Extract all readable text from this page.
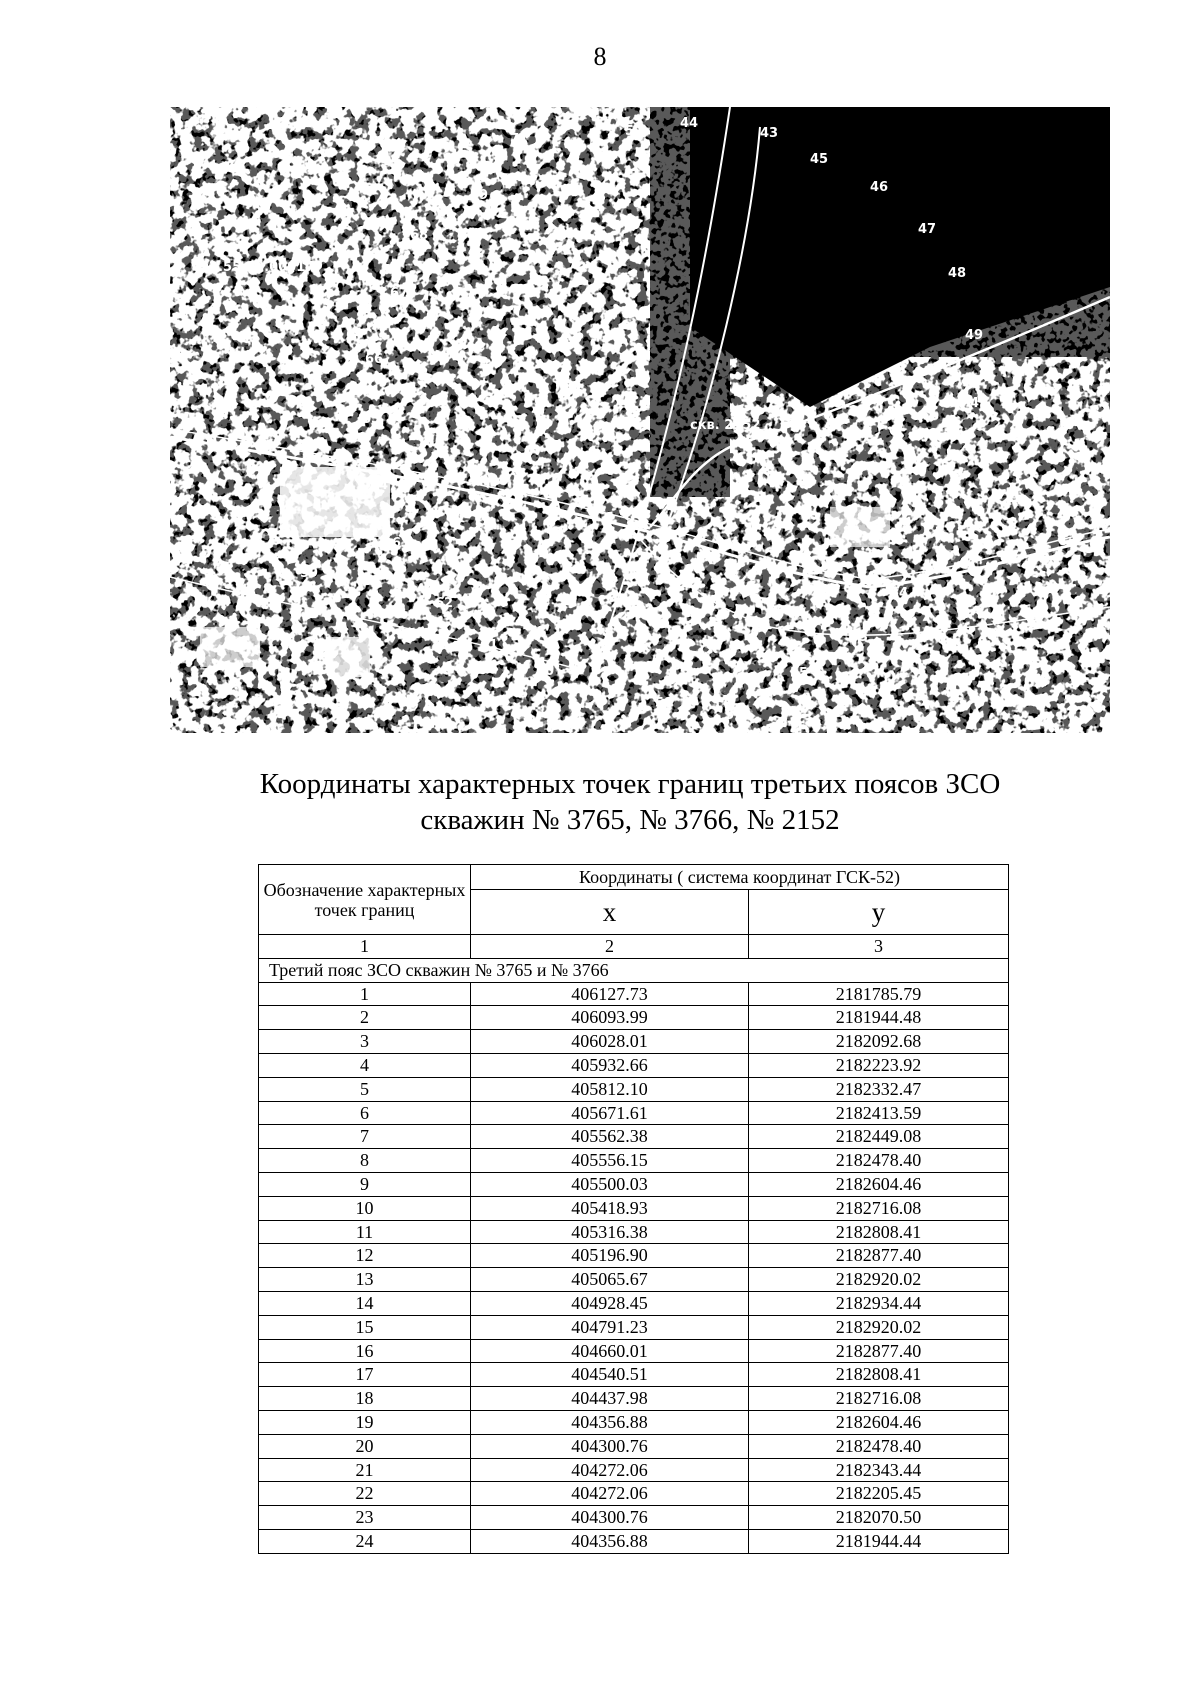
8
92.55.00.00017
скв. 2152
71
52
44
43
45
46
47
48
49
69
67
68
66
65
64
63
62
61
60
58
57
55
53
54
41
59
Координаты характерных точек границ третьих поясов ЗСО
скважин № 3765, № 3766, № 2152
Обозначение характерных точек границ	Координаты ( система координат ГСК-52)	
	x	y
1	2	3
Третий пояс ЗСО скважин № 3765 и № 3766		
1	406127.73	2181785.79
2	406093.99	2181944.48
3	406028.01	2182092.68
4	405932.66	2182223.92
5	405812.10	2182332.47
6	405671.61	2182413.59
7	405562.38	2182449.08
8	405556.15	2182478.40
9	405500.03	2182604.46
10	405418.93	2182716.08
11	405316.38	2182808.41
12	405196.90	2182877.40
13	405065.67	2182920.02
14	404928.45	2182934.44
15	404791.23	2182920.02
16	404660.01	2182877.40
17	404540.51	2182808.41
18	404437.98	2182716.08
19	404356.88	2182604.46
20	404300.76	2182478.40
21	404272.06	2182343.44
22	404272.06	2182205.45
23	404300.76	2182070.50
24	404356.88	2181944.44
